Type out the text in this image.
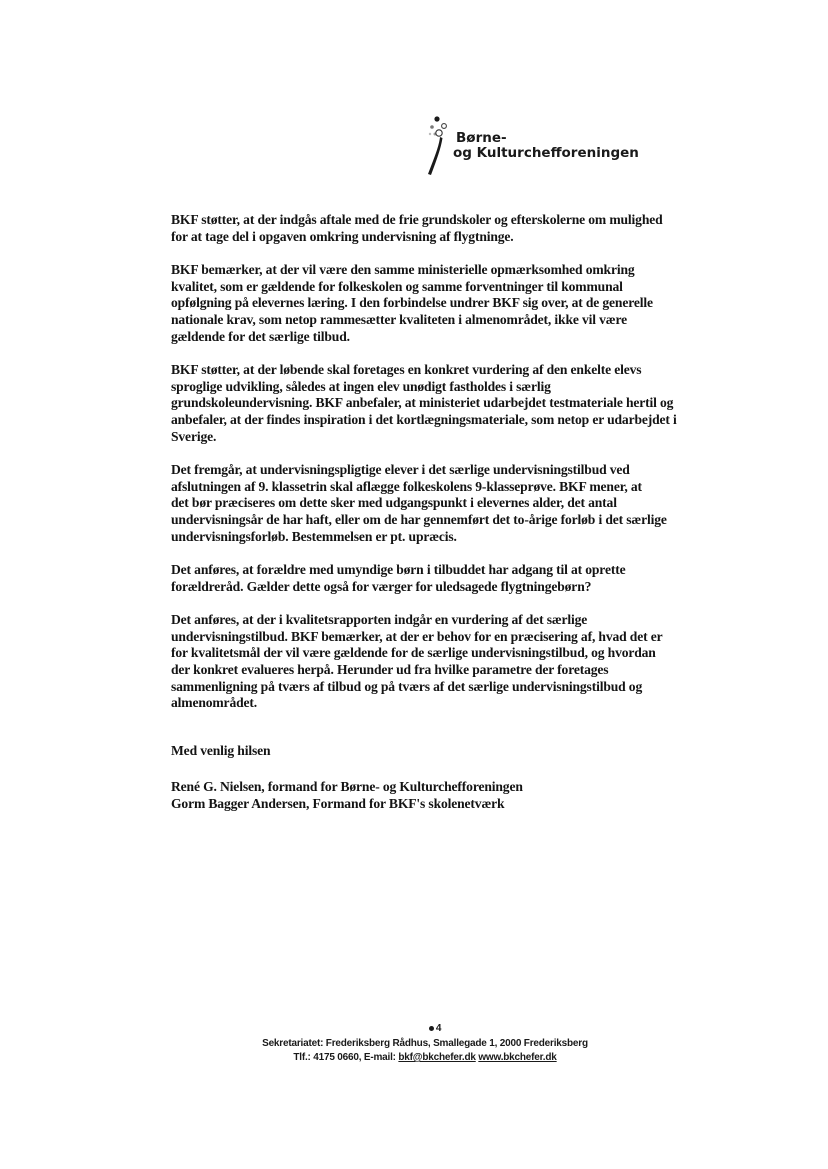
Børne-
og Kulturchefforeningen

BKF støtter, at der indgås aftale med de frie grundskoler og efterskolerne om mulighed
for at tage del i opgaven omkring undervisning af flygtninge.

BKF bemærker, at der vil være den samme ministerielle opmærksomhed omkring
kvalitet, som er gældende for folkeskolen og samme forventninger til kommunal
opfølgning på elevernes læring. I den forbindelse undrer BKF sig over, at de generelle
nationale krav, som netop rammesætter kvaliteten i almenområdet, ikke vil være
gældende for det særlige tilbud.

BKF støtter, at der løbende skal foretages en konkret vurdering af den enkelte elevs
sproglige udvikling, således at ingen elev unødigt fastholdes i særlig
grundskoleundervisning. BKF anbefaler, at ministeriet udarbejdet testmateriale hertil og
anbefaler, at der findes inspiration i det kortlægningsmateriale, som netop er udarbejdet i
Sverige.

Det fremgår, at undervisningspligtige elever i det særlige undervisningstilbud ved
afslutningen af 9. klassetrin skal aflægge folkeskolens 9-klasseprøve. BKF mener, at
det bør præciseres om dette sker med udgangspunkt i elevernes alder, det antal
undervisningsår de har haft, eller om de har gennemført det to-årige forløb i det særlige
undervisningsforløb. Bestemmelsen er pt. upræcis.

Det anføres, at forældre med umyndige børn i tilbuddet har adgang til at oprette
forældreråd. Gælder dette også for værger for uledsagede flygtningebørn?

Det anføres, at der i kvalitetsrapporten indgår en vurdering af det særlige
undervisningstilbud. BKF bemærker, at der er behov for en præcisering af, hvad det er
for kvalitetsmål der vil være gældende for de særlige undervisningstilbud, og hvordan
der konkret evalueres herpå. Herunder ud fra hvilke parametre der foretages
sammenligning på tværs af tilbud og på tværs af det særlige undervisningstilbud og
almenområdet.

Med venlig hilsen

René G. Nielsen, formand for Børne- og Kulturchefforeningen
Gorm Bagger Andersen, Formand for BKF's skolenetværk
4
Sekretariatet: Frederiksberg Rådhus, Smallegade 1, 2000 Frederiksberg
Tlf.: 4175 0660, E-mail: bkf@bkchefer.dk www.bkchefer.dk
